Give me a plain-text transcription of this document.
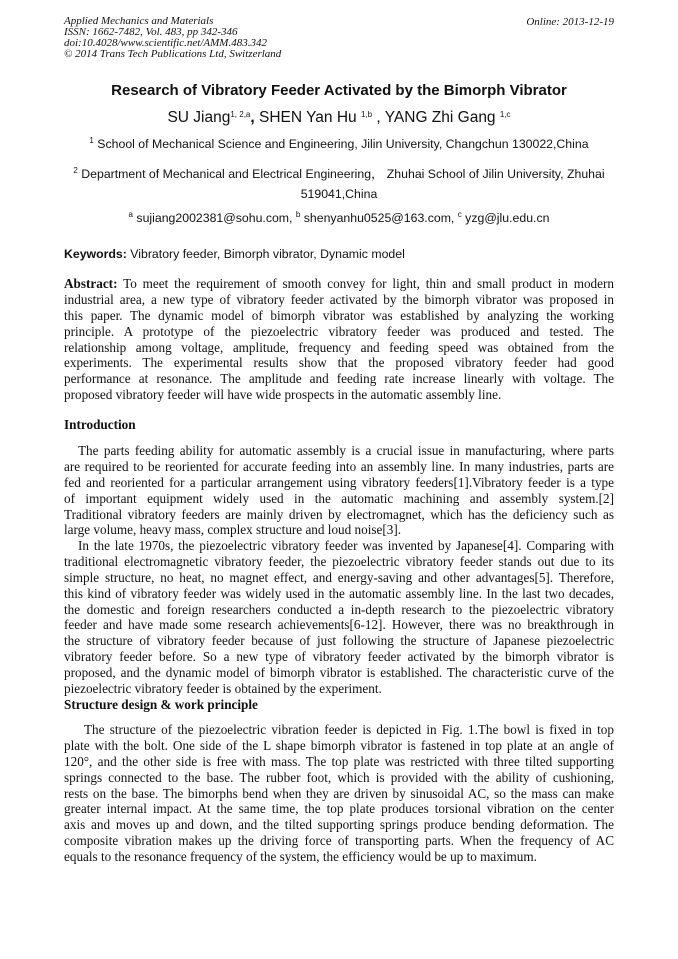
Applied Mechanics and Materials
ISSN: 1662-7482, Vol. 483, pp 342-346
doi:10.4028/www.scientific.net/AMM.483.342
© 2014 Trans Tech Publications Ltd, Switzerland
Online: 2013-12-19
Research of Vibratory Feeder Activated by the Bimorph Vibrator
SU Jiang$^{1, 2,a}$, SHEN Yan Hu $^{1,b}$ , YANG Zhi Gang $^{1,c}$
$^1$ School of Mechanical Science and Engineering, Jilin University, Changchun 130022,China
$^2$ Department of Mechanical and Electrical Engineering， Zhuhai School of Jilin University, Zhuhai
519041,China
$^a$ sujiang2002381@sohu.com, $^b$ shenyanhu0525@163.com, $^c$ yzg@jlu.edu.cn
Keywords: Vibratory feeder, Bimorph vibrator, Dynamic model
Abstract: To meet the requirement of smooth convey for light, thin and small product in modern
industrial area, a new type of vibratory feeder activated by the bimorph vibrator was proposed in
this paper. The dynamic model of bimorph vibrator was established by analyzing the working
principle. A prototype of the piezoelectric vibratory feeder was produced and tested. The
relationship among voltage, amplitude, frequency and feeding speed was obtained from the
experiments. The experimental results show that the proposed vibratory feeder had good
performance at resonance. The amplitude and feeding rate increase linearly with voltage. The
proposed vibratory feeder will have wide prospects in the automatic assembly line.
Introduction
The parts feeding ability for automatic assembly is a crucial issue in manufacturing, where parts
are required to be reoriented for accurate feeding into an assembly line. In many industries, parts are
fed and reoriented for a particular arrangement using vibratory feeders[1].Vibratory feeder is a type
of important equipment widely used in the automatic machining and assembly system.[2]
Traditional vibratory feeders are mainly driven by electromagnet, which has the deficiency such as
large volume, heavy mass, complex structure and loud noise[3].
In the late 1970s, the piezoelectric vibratory feeder was invented by Japanese[4]. Comparing with
traditional electromagnetic vibratory feeder, the piezoelectric vibratory feeder stands out due to its
simple structure, no heat, no magnet effect, and energy-saving and other advantages[5]. Therefore,
this kind of vibratory feeder was widely used in the automatic assembly line. In the last two decades,
the domestic and foreign researchers conducted a in-depth research to the piezoelectric vibratory
feeder and have made some research achievements[6-12]. However, there was no breakthrough in
the structure of vibratory feeder because of just following the structure of Japanese piezoelectric
vibratory feeder before. So a new type of vibratory feeder activated by the bimorph vibrator is
proposed, and the dynamic model of bimorph vibrator is established. The characteristic curve of the
piezoelectric vibratory feeder is obtained by the experiment.
Structure design & work principle
The structure of the piezoelectric vibration feeder is depicted in Fig. 1.The bowl is fixed in top
plate with the bolt. One side of the L shape bimorph vibrator is fastened in top plate at an angle of
120°, and the other side is free with mass. The top plate was restricted with three tilted supporting
springs connected to the base. The rubber foot, which is provided with the ability of cushioning,
rests on the base. The bimorphs bend when they are driven by sinusoidal AC, so the mass can make
greater internal impact. At the same time, the top plate produces torsional vibration on the center
axis and moves up and down, and the tilted supporting springs produce bending deformation. The
composite vibration makes up the driving force of transporting parts. When the frequency of AC
equals to the resonance frequency of the system, the efficiency would be up to maximum.
